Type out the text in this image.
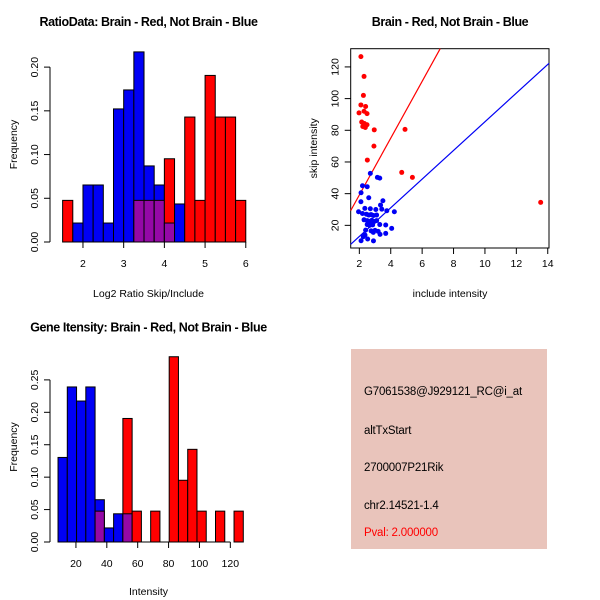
2	3	4	5	6
0.00
0.05
0.10
0.15
0.20
RatioData: Brain - Red, Not Brain - Blue
Log2 Ratio Skip/Include
Frequency
2 4 6 8 10 12 14
20
40
60
80
100
120
Brain - Red, Not Brain - Blue
include intensity
skip intensity
20 40 60 80 100 120
0.00
0.05
0.10
0.15
0.20
0.25
Gene Itensity: Brain - Red, Not Brain - Blue
Intensity
Frequency
G7061538@J929121_RC@i_at
altTxStart
2700007P21Rik
chr2.14521-1.4
Pval: 2.000000
